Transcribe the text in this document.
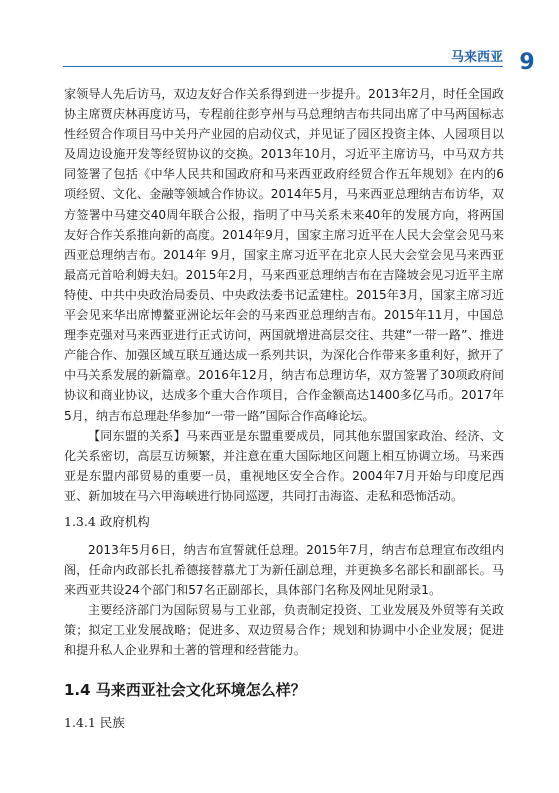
马来西亚 9

家领导人先后访马，双边友好合作关系得到进一步提升。2013年2月，时任全国政协主席贾庆林再度访马，专程前往彭亨州与马总理纳吉布共同出席了中马两国标志性经贸合作项目马中关丹产业园的启动仪式，并见证了园区投资主体、人园项目以及周边设施开发等经贸协议的交换。2013年10月，习近平主席访马，中马双方共同签署了包括《中华人民共和国政府和马来西亚政府经贸合作五年规划》在内的6项经贸、文化、金融等领域合作协议。2014年5月，马来西亚总理纳吉布访华，双方签署中马建交40周年联合公报，指明了中马关系未来40年的发展方向，将两国友好合作关系推向新的高度。2014年9月，国家主席习近平在人民大会堂会见马来西亚总理纳吉布。2014年 9月，国家主席习近平在北京人民大会堂会见马来西亚最高元首哈利姆夫妇。2015年2月，马来西亚总理纳吉布在吉隆坡会见习近平主席特使、中共中央政治局委员、中央政法委书记孟建柱。2015年3月，国家主席习近平会见来华出席博鳌亚洲论坛年会的马来西亚总理纳吉布。2015年11月，中国总理李克强对马来西亚进行正式访问，两国就增进高层交往、共建“一带一路”、推进产能合作、加强区域互联互通达成一系列共识，为深化合作带来多重利好，掀开了中马关系发展的新篇章。2016年12月，纳吉布总理访华，双方签署了30项政府间协议和商业协议，达成多个重大合作项目，合作金额高达1400多亿马币。2017年5月，纳吉布总理赴华参加“一带一路”国际合作高峰论坛。

【同东盟的关系】马来西亚是东盟重要成员，同其他东盟国家政治、经济、文化关系密切，高层互访频繁，并注意在重大国际地区问题上相互协调立场。马来西亚是东盟内部贸易的重要一员，重视地区安全合作。2004年7月开始与印度尼西亚、新加坡在马六甲海峡进行协同巡逻，共同打击海盗、走私和恐怖活动。

1.3.4 政府机构

2013年5月6日，纳吉布宣誓就任总理。2015年7月，纳吉布总理宣布改组内阁，任命内政部长扎希德接替慕尤丁为新任副总理，并更换多名部长和副部长。马来西亚共设24个部门和57名正副部长，具体部门名称及网址见附录1。

主要经济部门为国际贸易与工业部，负责制定投资、工业发展及外贸等有关政策；拟定工业发展战略；促进多、双边贸易合作；规划和协调中小企业发展；促进和提升私人企业界和土著的管理和经营能力。

1.4 马来西亚社会文化环境怎么样？
1.4.1 民族
